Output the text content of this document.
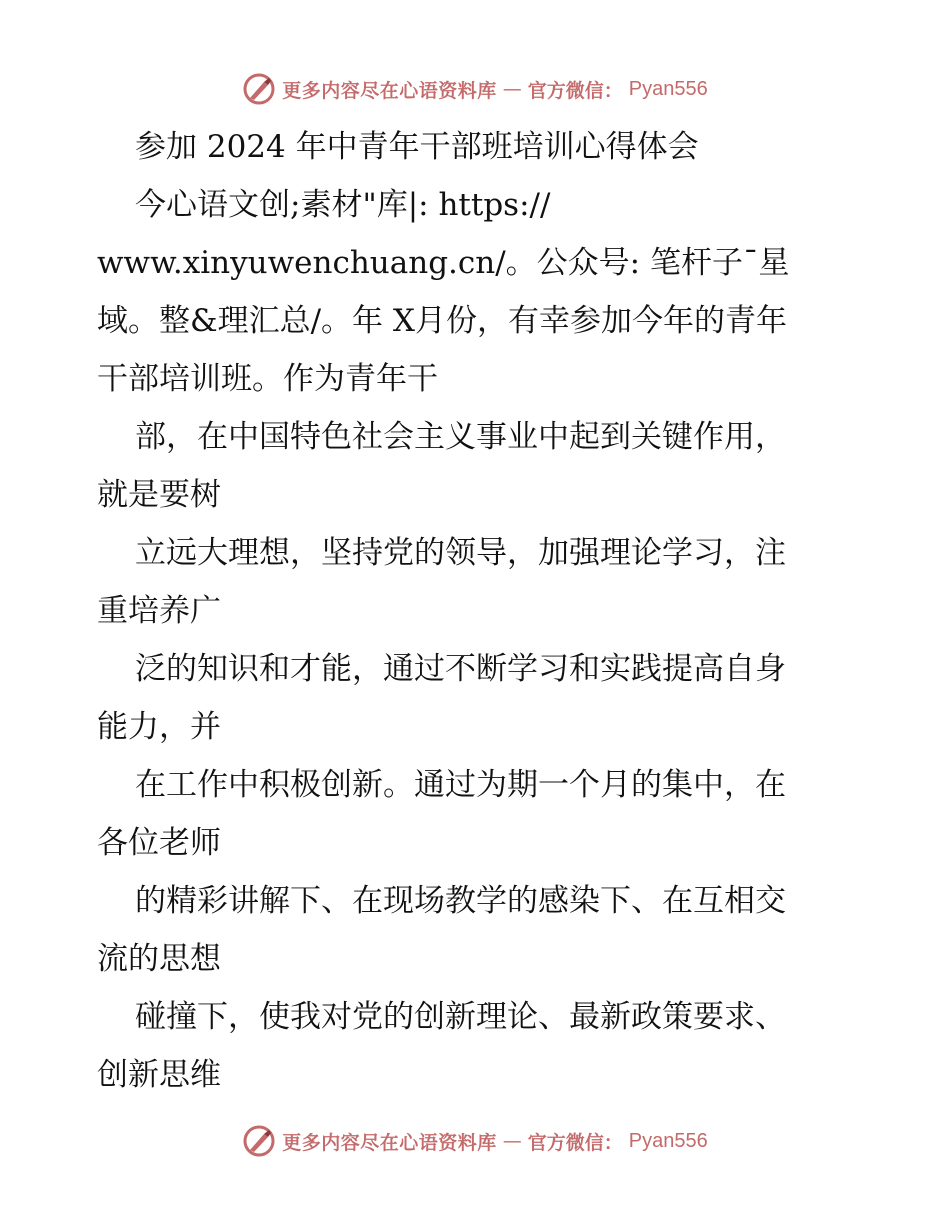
更多内容尽在心语资料库 — 官方微信： Pyan556
参加 2024 年中青年干部班培训心得体会
今心语文创;素材"库|: https://
www.xinyuwenchuang.cn/。公众号: 笔杆子¯星
域。整&理汇总/。年 X月份，有幸参加今年的青年
干部培训班。作为青年干
部，在中国特色社会主义事业中起到关键作用，
就是要树
立远大理想，坚持党的领导，加强理论学习，注
重培养广
泛的知识和才能，通过不断学习和实践提高自身
能力，并
在工作中积极创新。通过为期一个月的集中，在
各位老师
的精彩讲解下、在现场教学的感染下、在互相交
流的思想
碰撞下，使我对党的创新理论、最新政策要求、
创新思维
更多内容尽在心语资料库 — 官方微信： Pyan556
